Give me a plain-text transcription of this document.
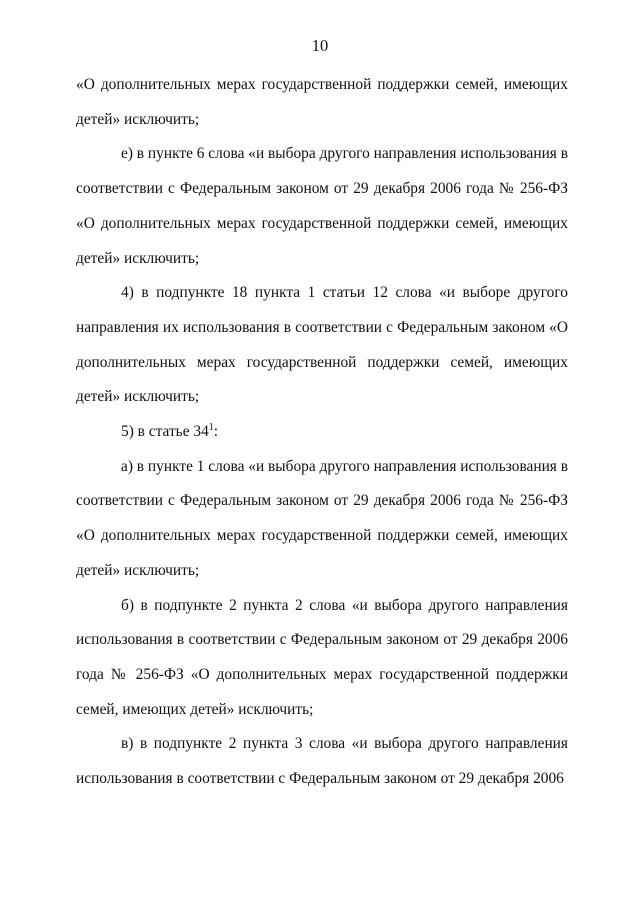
10

«О дополнительных мерах государственной поддержки семей, имеющих детей» исключить;

е) в пункте 6 слова «и выбора другого направления использования в соответствии с Федеральным законом от 29 декабря 2006 года № 256-ФЗ «О дополнительных мерах государственной поддержки семей, имеющих детей» исключить;

4) в подпункте 18 пункта 1 статьи 12 слова «и выборе другого направления их использования в соответствии с Федеральным законом «О дополнительных мерах государственной поддержки семей, имеющих детей» исключить;

5) в статье $34^1$:

а) в пункте 1 слова «и выбора другого направления использования в соответствии с Федеральным законом от 29 декабря 2006 года № 256-ФЗ «О дополнительных мерах государственной поддержки семей, имеющих детей» исключить;

б) в подпункте 2 пункта 2 слова «и выбора другого направления использования в соответствии с Федеральным законом от 29 декабря 2006 года № 256-ФЗ «О дополнительных мерах государственной поддержки семей, имеющих детей» исключить;

в) в подпункте 2 пункта 3 слова «и выбора другого направления использования в соответствии с Федеральным законом от 29 декабря 2006
